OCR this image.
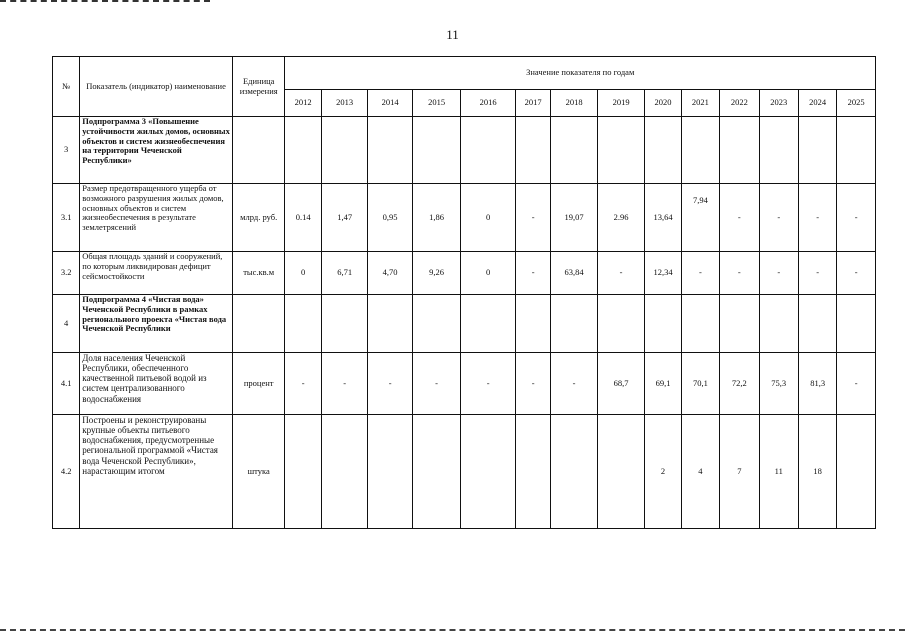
11
№	Показатель (индикатор) наименование	Единица измерения	Значение показателя по годам													
			2012	2013	2014	2015	2016	2017	2018	2019	2020	2021	2022	2023	2024	2025
3	Подпрограмма 3 «Повышение устойчивости жилых домов, основных объектов и систем жизнеобеспечения на территории Чеченской Республики»															
3.1	Размер предотвращенного ущерба от возможного разрушения жилых домов, основных объектов и систем жизнеобеспечения в результате землетрясений	млрд. руб.	0.14	1,47	0,95	1,86	0	-	19,07	2.96	13,64	7,94	-	-	-	-
3.2	Общая площадь зданий и сооружений, по которым ликвидирован дефицит сейсмостойкости	тыс.кв.м	0	6,71	4,70	9,26	0	-	63,84	-	12,34	-	-	-	-	-
4	Подпрограмма 4 «Чистая вода» Чеченской Республики в рамках регионального проекта «Чистая вода Чеченской Республики															
4.1	Доля населения Чеченской Республики, обеспеченного качественной питьевой водой из систем централизованного водоснабжения	процент	-	-	-	-	-	-	-	68,7	69,1	70,1	72,2	75,3	81,3	-
4.2	Построены и реконструированы крупные объекты питьевого водоснабжения, предусмотренные региональной программой «Чистая вода Чеченской Республики», нарастающим итогом	штука									2	4	7	11	18	
